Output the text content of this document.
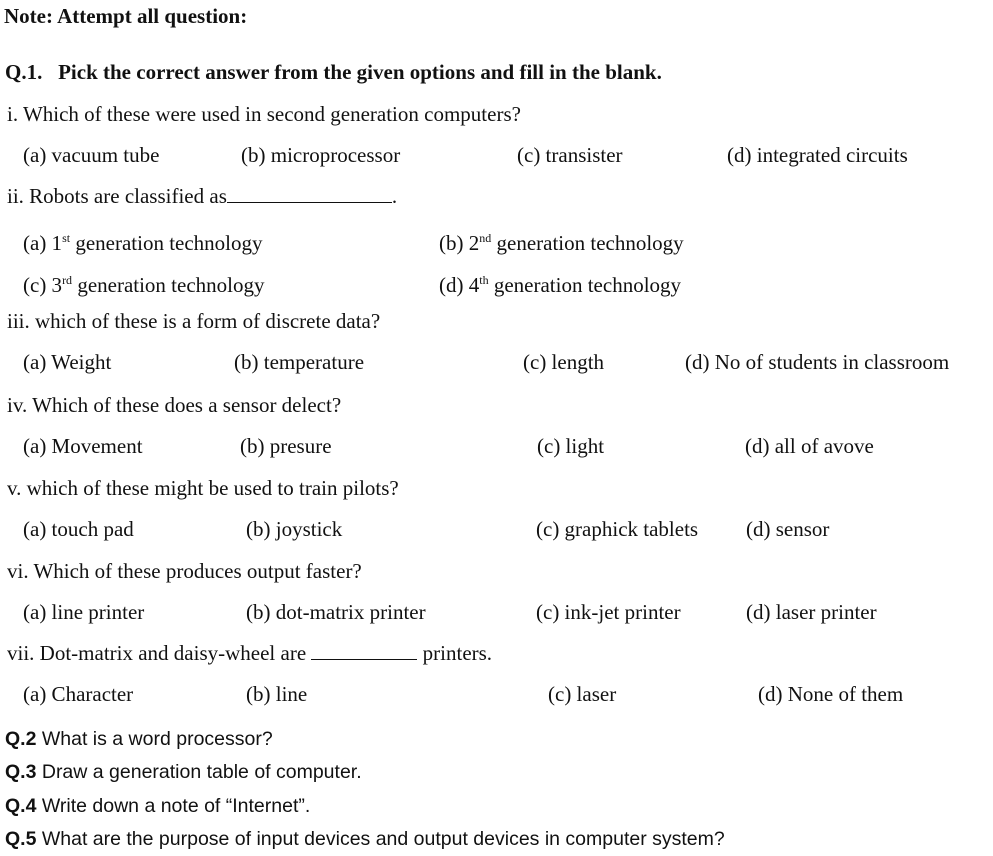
Note: Attempt all question:
Q.1. Pick the correct answer from the given options and fill in the blank.
i. Which of these were used in second generation computers?
(a) vacuum tube	(b) microprocessor	(c) transister	(d) integrated circuits
ii. Robots are classified as	.
(a) 1st generation technology	(b) 2nd generation technology
(c) 3rd generation technology	(d) 4th generation technology
iii. which of these is a form of discrete data?
(a) Weight	(b) temperature	(c) length	(d) No of students in classroom
iv. Which of these does a sensor delect?
(a) Movement	(b) presure	(c) light	(d) all of avove
v. which of these might be used to train pilots?
(a) touch pad	(b) joystick	(c) graphick tablets (d) sensor
vi. Which of these produces output faster?
(a) line printer	(b) dot-matrix printer	(c) ink-jet printer	(d) laser printer
vii. Dot-matrix and daisy-wheel are	printers.
(a) Character	(b) line	(c) laser	(d) None of them
Q.2 What is a word processor?
Q.3 Draw a generation table of computer.
Q.4 Write down a note of “Internet”.
Q.5 What are the purpose of input devices and output devices in computer system?
